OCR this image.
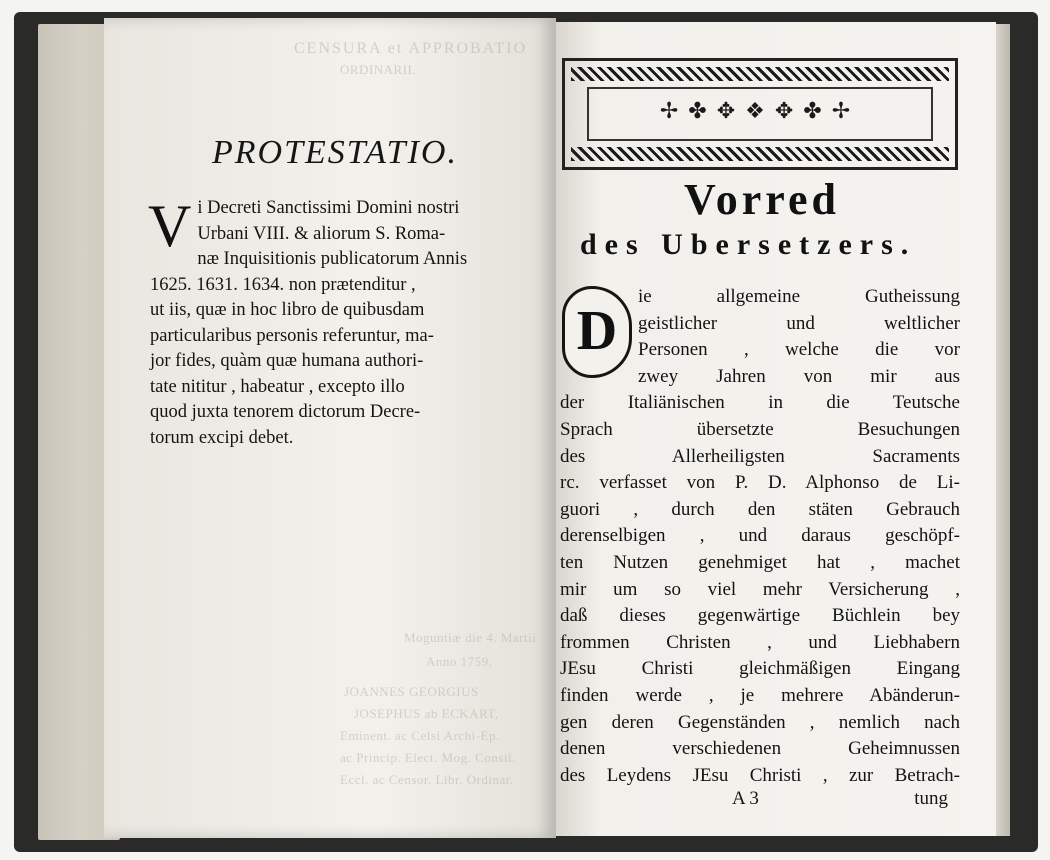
CENSURA et APPROBATIO
ORDINARII.
Moguntiæ die 4. Martii
Anno 1759.
JOANNES GEORGIUS
JOSEPHUS ab ECKART,
Eminent. ac Celsi Archi-Ep.
ac Princip. Elect. Mog. Consil.
Eccl. ac Censor. Libr. Ordinar.
PROTESTATIO.
V i Decreti Sanctissimi Domini nostri
Urbani VIII. & aliorum S. Roma-
næ Inquisitionis publicatorum Annis
1625. 1631. 1634. non prætenditur ,
ut iis, quæ in hoc libro de quibusdam
particularibus personis referuntur, ma-
jor fides, quàm quæ humana authori-
tate nititur , habeatur , excepto illo
quod juxta tenorem dictorum Decre-
torum excipi debet.
✢✤✥❖✥✤✢
Vorred
des Ubersetzers.
D
ie allgemeine Gutheissung
geistlicher und weltlicher
Personen , welche die vor
zwey Jahren von mir aus
der Italiänischen in die Teutsche
Sprach übersetzte Besuchungen
des Allerheiligsten Sacraments
rc. verfasset von P. D. Alphonso de Li-
guori , durch den stäten Gebrauch
derenselbigen , und daraus geschöpf-
ten Nutzen genehmiget hat , machet
mir um so viel mehr Versicherung ,
daß dieses gegenwärtige Büchlein bey
frommen Christen , und Liebhabern
JEsu Christi gleichmäßigen Eingang
finden werde , je mehrere Abänderun-
gen deren Gegenständen , nemlich nach
denen verschiedenen Geheimnussen
des Leydens JEsu Christi , zur Betrach-
A 3	tung
